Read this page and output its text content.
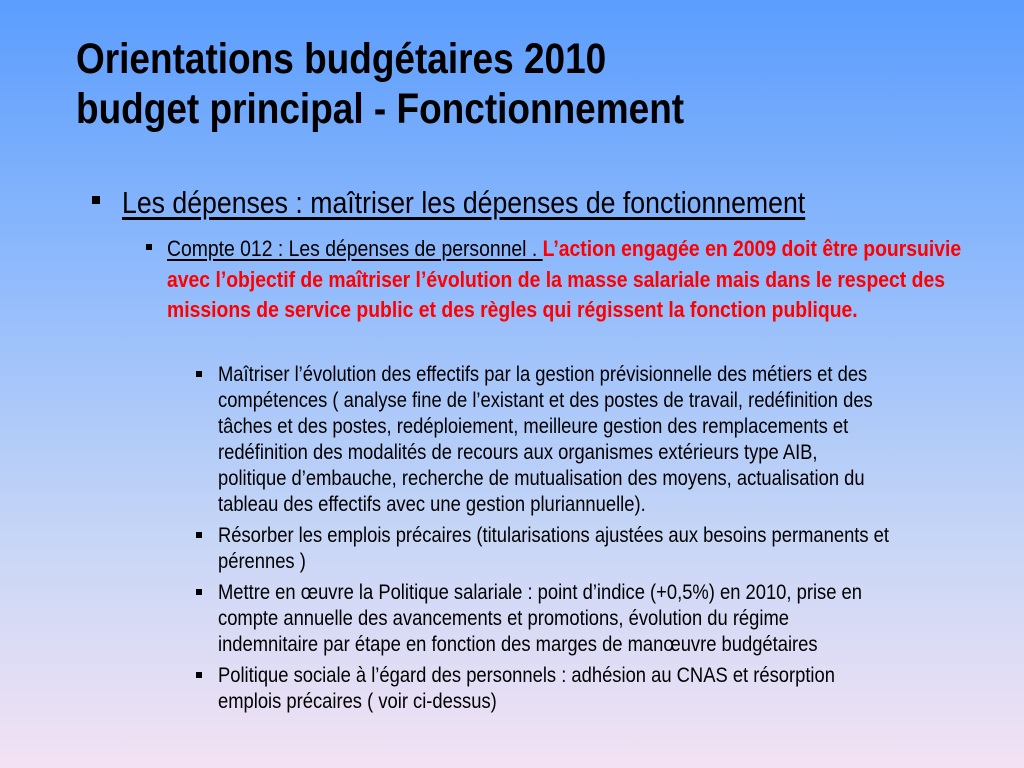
Orientations budgétaires 2010
budget principal - Fonctionnement
Les dépenses : maîtriser les dépenses de fonctionnement
Compte 012 : Les dépenses de personnel . L’action engagée en 2009 doit être poursuivie avec l’objectif de maîtriser l’évolution de la masse salariale mais dans le respect des missions de service public et des règles qui régissent la fonction publique.
Maîtriser l’évolution des effectifs par la gestion prévisionnelle des métiers et des
compétences ( analyse fine de l’existant et des postes de travail, redéfinition des
tâches et des postes, redéploiement, meilleure gestion des remplacements et
redéfinition des modalités de recours aux organismes extérieurs type AIB,
politique d’embauche, recherche de mutualisation des moyens, actualisation du
tableau des effectifs avec une gestion pluriannuelle).
Résorber les emplois précaires (titularisations ajustées aux besoins permanents et
pérennes )
Mettre en œuvre la Politique salariale : point d’indice (+0,5%) en 2010, prise en
compte annuelle des avancements et promotions, évolution du régime
indemnitaire par étape en fonction des marges de manœuvre budgétaires
Politique sociale à l’égard des personnels : adhésion au CNAS et résorption
emplois précaires ( voir ci-dessus)
